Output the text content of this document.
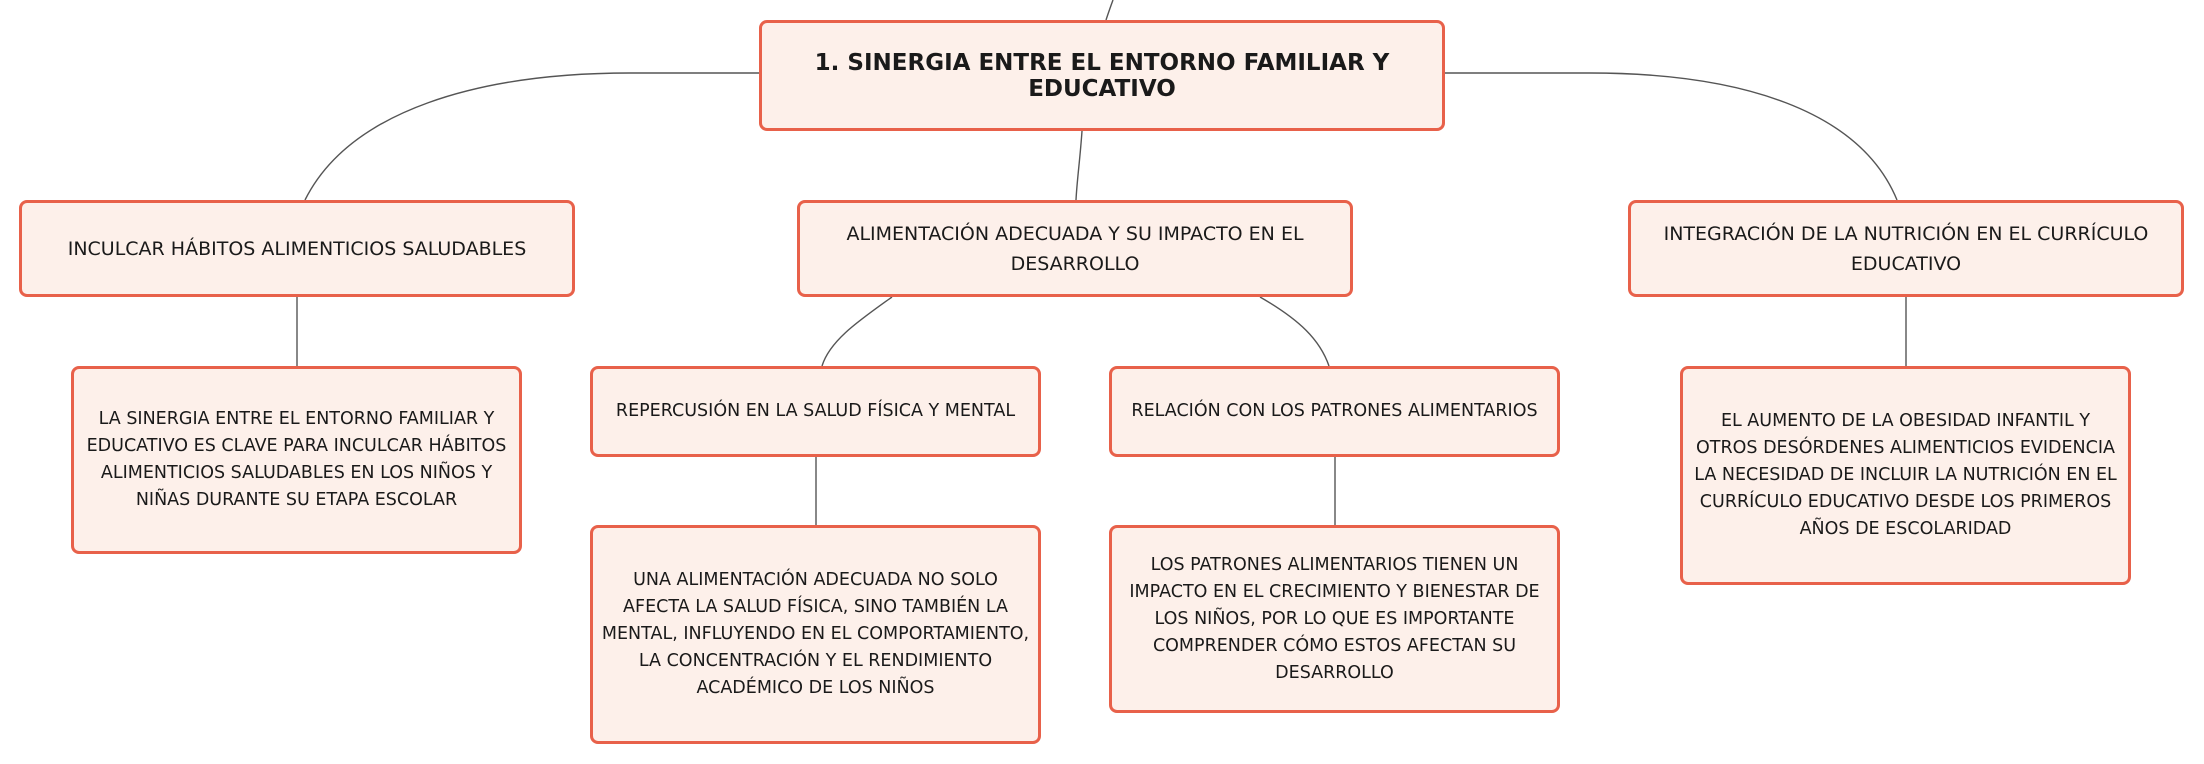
1. SINERGIA ENTRE EL ENTORNO FAMILIAR Y EDUCATIVO
INCULCAR HÁBITOS ALIMENTICIOS SALUDABLES
ALIMENTACIÓN ADECUADA Y SU IMPACTO EN EL DESARROLLO
INTEGRACIÓN DE LA NUTRICIÓN EN EL CURRÍCULO EDUCATIVO
LA SINERGIA ENTRE EL ENTORNO FAMILIAR Y EDUCATIVO ES CLAVE PARA INCULCAR HÁBITOS ALIMENTICIOS SALUDABLES EN LOS NIÑOS Y NIÑAS DURANTE SU ETAPA ESCOLAR
REPERCUSIÓN EN LA SALUD FÍSICA Y MENTAL	RELACIÓN CON LOS PATRONES ALIMENTARIOS
UNA ALIMENTACIÓN ADECUADA NO SOLO AFECTA LA SALUD FÍSICA, SINO TAMBIÉN LA MENTAL, INFLUYENDO EN EL COMPORTAMIENTO, LA CONCENTRACIÓN Y EL RENDIMIENTO ACADÉMICO DE LOS NIÑOS
LOS PATRONES ALIMENTARIOS TIENEN UN IMPACTO EN EL CRECIMIENTO Y BIENESTAR DE LOS NIÑOS, POR LO QUE ES IMPORTANTE COMPRENDER CÓMO ESTOS AFECTAN SU DESARROLLO
EL AUMENTO DE LA OBESIDAD INFANTIL Y OTROS DESÓRDENES ALIMENTICIOS EVIDENCIA LA NECESIDAD DE INCLUIR LA NUTRICIÓN EN EL CURRÍCULO EDUCATIVO DESDE LOS PRIMEROS AÑOS DE ESCOLARIDAD
